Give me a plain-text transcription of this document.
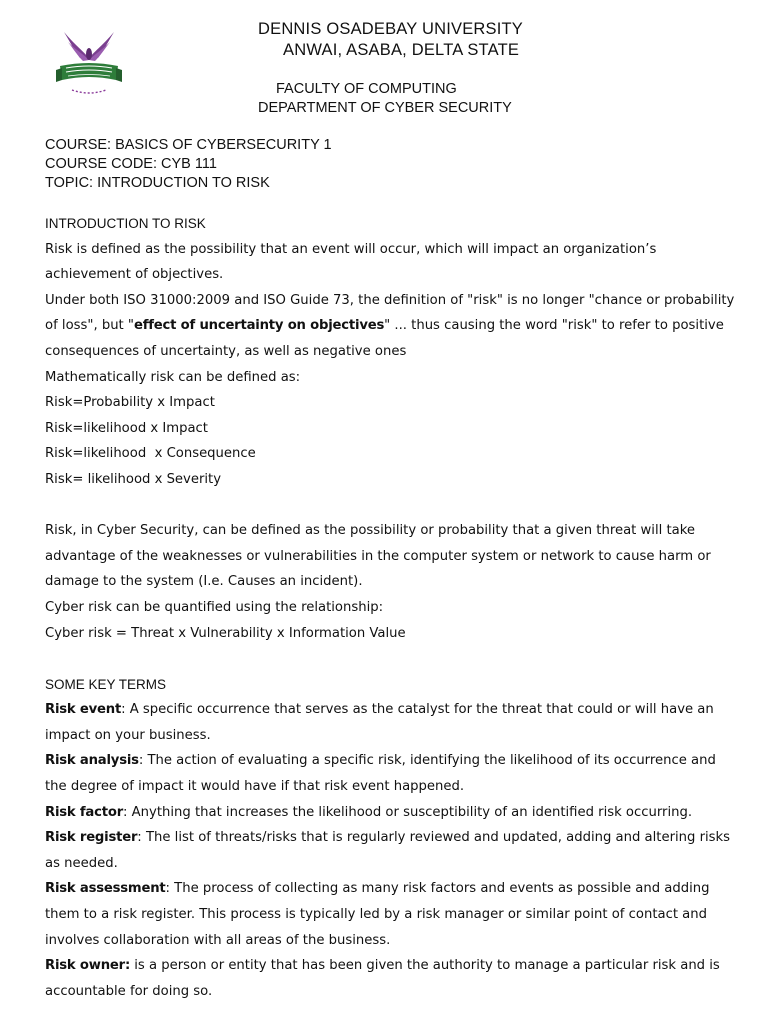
DENNIS OSADEBAY UNIVERSITY
ANWAI, ASABA, DELTA STATE
FACULTY OF COMPUTING
DEPARTMENT OF CYBER SECURITY
COURSE: BASICS OF CYBERSECURITY 1
COURSE CODE: CYB 111
TOPIC: INTRODUCTION TO RISK

INTRODUCTION TO RISK

Risk is defined as the possibility that an event will occur, which will impact an organization’s achievement of objectives.

Under both ISO 31000:2009 and ISO Guide 73, the definition of "risk" is no longer "chance or probability of loss", but "effect of uncertainty on objectives" ... thus causing the word "risk" to refer to positive consequences of uncertainty, as well as negative ones

Mathematically risk can be defined as:

Risk=Probability x Impact

Risk=likelihood x Impact

Risk=likelihood  x Consequence

Risk= likelihood x Severity

Risk, in Cyber Security, can be defined as the possibility or probability that a given threat will take advantage of the weaknesses or vulnerabilities in the computer system or network to cause harm or damage to the system (I.e. Causes an incident).

Cyber risk can be quantified using the relationship:

Cyber risk = Threat x Vulnerability x Information Value

SOME KEY TERMS

Risk event: A specific occurrence that serves as the catalyst for the threat that could or will have an impact on your business.

Risk analysis: The action of evaluating a specific risk, identifying the likelihood of its occurrence and the degree of impact it would have if that risk event happened.

Risk factor: Anything that increases the likelihood or susceptibility of an identified risk occurring.

Risk register: The list of threats/risks that is regularly reviewed and updated, adding and altering risks as needed.

Risk assessment: The process of collecting as many risk factors and events as possible and adding them to a risk register. This process is typically led by a risk manager or similar point of contact and involves collaboration with all areas of the business.

Risk owner: is a person or entity that has been given the authority to manage a particular risk and is accountable for doing so.
